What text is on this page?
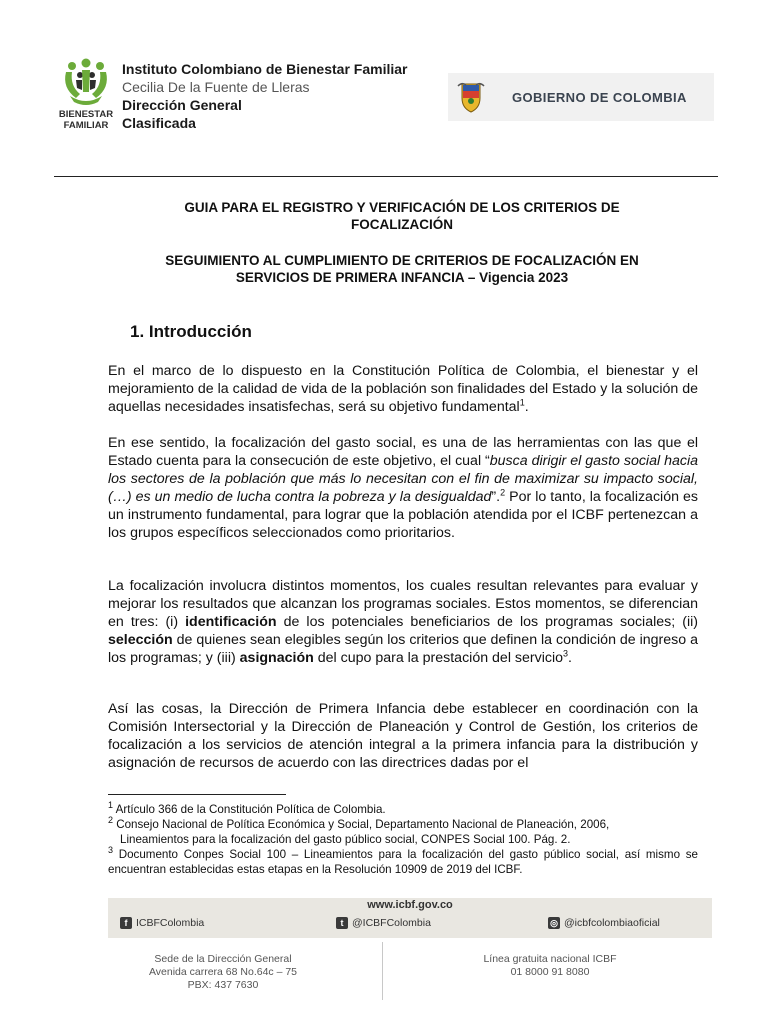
BIENESTAR
FAMILIAR
Instituto Colombiano de Bienestar Familiar
Cecilia De la Fuente de Lleras
Dirección General
Clasificada
GOBIERNO DE COLOMBIA
GUIA PARA EL REGISTRO Y VERIFICACIÓN DE LOS CRITERIOS DE
FOCALIZACIÓN
SEGUIMIENTO AL CUMPLIMIENTO DE CRITERIOS DE FOCALIZACIÓN EN
SERVICIOS DE PRIMERA INFANCIA – Vigencia 2023
1. Introducción
En el marco de lo dispuesto en la Constitución Política de Colombia, el bienestar y el mejoramiento de la calidad de vida de la población son finalidades del Estado y la solución de aquellas necesidades insatisfechas, será su objetivo fundamental$^1$.
En ese sentido, la focalización del gasto social, es una de las herramientas con las que el Estado cuenta para la consecución de este objetivo, el cual “busca dirigir el gasto social hacia los sectores de la población que más lo necesitan con el fin de maximizar su impacto social, (…) es un medio de lucha contra la pobreza y la desigualdad”.$^2$ Por lo tanto, la focalización es un instrumento fundamental, para lograr que la población atendida por el ICBF pertenezcan a los grupos específicos seleccionados como prioritarios.
La focalización involucra distintos momentos, los cuales resultan relevantes para evaluar y mejorar los resultados que alcanzan los programas sociales. Estos momentos, se diferencian en tres: (i) identificación de los potenciales beneficiarios de los programas sociales; (ii) selección de quienes sean elegibles según los criterios que definen la condición de ingreso a los programas; y (iii) asignación del cupo para la prestación del servicio$^3$.
Así las cosas, la Dirección de Primera Infancia debe establecer en coordinación con la Comisión Intersectorial y la Dirección de Planeación y Control de Gestión, los criterios de focalización a los servicios de atención integral a la primera infancia para la distribución y asignación de recursos de acuerdo con las directrices dadas por el
$^1$ Artículo 366 de la Constitución Política de Colombia.
$^2$ Consejo Nacional de Política Económica y Social, Departamento Nacional de Planeación, 2006,
Lineamientos para la focalización del gasto público social, CONPES Social 100. Pág. 2.
$^3$ Documento Conpes Social 100 – Lineamientos para la focalización del gasto público social, así mismo se encuentran establecidas estas etapas en la Resolución 10909 de 2019 del ICBF.
www.icbf.gov.co
f ICBFColombia	t @ICBFColombia	◎ @icbfcolombiaoficial
Sede de la Dirección General
Avenida carrera 68 No.64c – 75
PBX: 437 7630
Línea gratuita nacional ICBF
01 8000 91 8080
